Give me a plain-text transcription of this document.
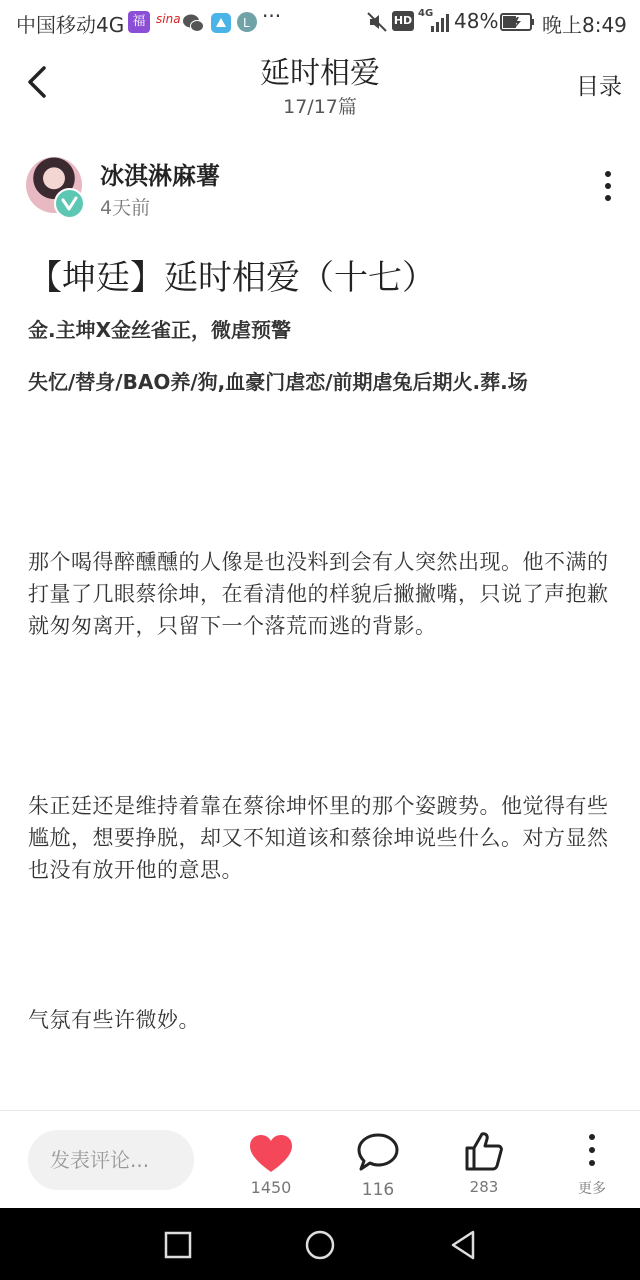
中国移动4G 福 sina	L ···	HD
4G 48% 晚上8:49
延时相爱
17/17篇
目录
冰淇淋麻薯
4天前
【坤廷】延时相爱（十七）
金.主坤X金丝雀正，微虐预警
失忆/替身/BAO养/狗,血豪门虐恋/前期虐兔后期火.葬.场
那个喝得醉醺醺的人像是也没料到会有人突然出现。他不满的打量了几眼蔡徐坤，在看清他的样貌后撇撇嘴，只说了声抱歉就匆匆离开，只留下一个落荒而逃的背影。
朱正廷还是维持着靠在蔡徐坤怀里的那个姿踱势。他觉得有些尴尬，想要挣脱，却又不知道该和蔡徐坤说些什么。对方显然也没有放开他的意思。
气氛有些许微妙。
发表评论...
1450	116	283	更多
